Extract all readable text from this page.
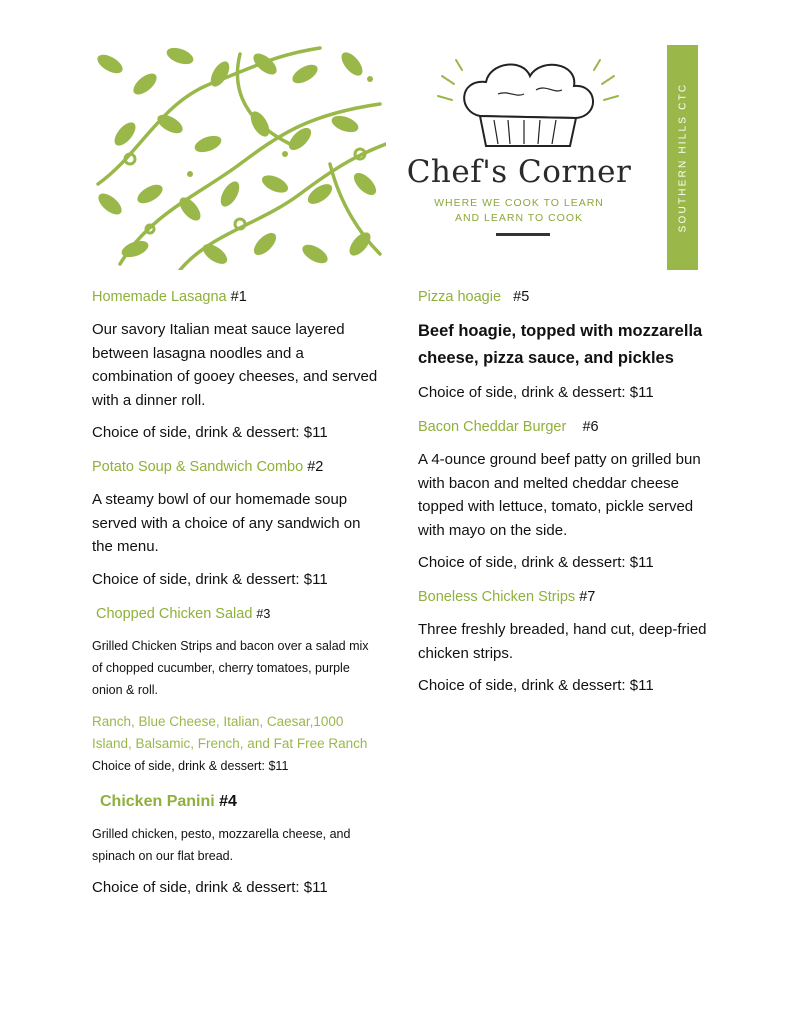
Chef's Corner
WHERE WE COOK TO LEARN
AND LEARN TO COOK	SOUTHERN HILLS CTC

Homemade Lasagna #1

Our savory Italian meat sauce layered between lasagna noodles and a combination of gooey cheeses, and served with a dinner roll.

Choice of side, drink & dessert: $11

Potato Soup & Sandwich Combo #2

A steamy bowl of our homemade soup served with a choice of any sandwich on the menu.

Choice of side, drink & dessert: $11

Chopped Chicken Salad #3

Grilled Chicken Strips and bacon over a salad mix of chopped cucumber, cherry tomatoes, purple onion & roll.

Ranch, Blue Cheese, Italian, Caesar,1000 Island, Balsamic, French, and Fat Free Ranch

Choice of side, drink & dessert: $11

Chicken Panini #4

Grilled chicken, pesto, mozzarella cheese, and spinach on our flat bread.

Choice of side, drink & dessert: $11

Pizza hoagie #5

Beef hoagie, topped with mozzarella cheese, pizza sauce, and pickles

Choice of side, drink & dessert: $11

Bacon Cheddar Burger #6

A 4-ounce ground beef patty on grilled bun with bacon and melted cheddar cheese topped with lettuce, tomato, pickle served with mayo on the side.

Choice of side, drink & dessert: $11

Boneless Chicken Strips #7

Three freshly breaded, hand cut, deep-fried chicken strips.

Choice of side, drink & dessert: $11
